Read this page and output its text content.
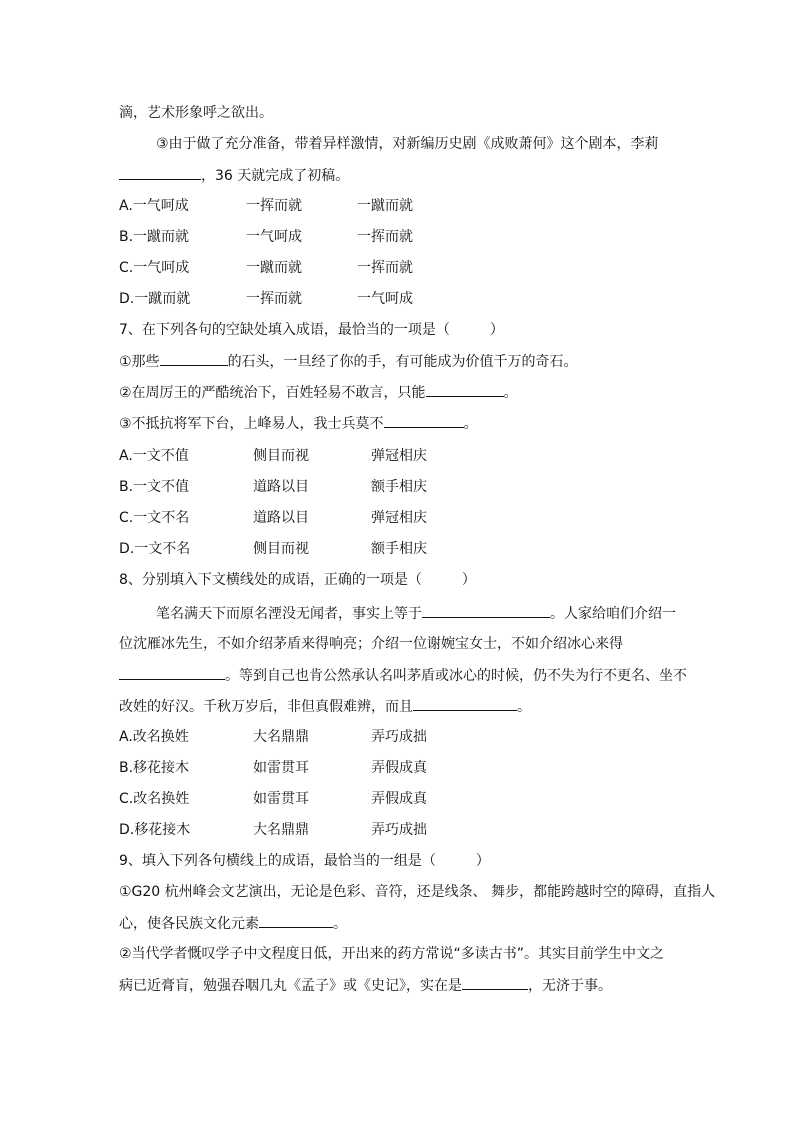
滴，艺术形象呼之欲出。
③由于做了充分准备，带着异样激情，对新编历史剧《成败萧何》这个剧本，李莉
，36 天就完成了初稿。
A.一气呵成	一挥而就	一蹴而就
B.一蹴而就	一气呵成	一挥而就
C.一气呵成	一蹴而就	一挥而就
D.一蹴而就	一挥而就	一气呵成
7、在下列各句的空缺处填入成语，最恰当的一项是（	）
①那些	的石头，一旦经了你的手，有可能成为价值千万的奇石。
②在周厉王的严酷统治下，百姓轻易不敢言，只能	。
③不抵抗将军下台，上峰易人，我士兵莫不	。
A.一文不值	侧目而视	弹冠相庆
B.一文不值	道路以目	额手相庆
C.一文不名	道路以目	弹冠相庆
D.一文不名	侧目而视	额手相庆
8、分别填入下文横线处的成语，正确的一项是（	）
笔名满天下而原名湮没无闻者，事实上等于	。人家给咱们介绍一
位沈雁冰先生，不如介绍茅盾来得响亮；介绍一位谢婉宝女士，不如介绍冰心来得
。等到自己也肯公然承认名叫茅盾或冰心的时候，仍不失为行不更名、坐不
改姓的好汉。千秋万岁后，非但真假难辨，而且	。
A.改名换姓	大名鼎鼎	弄巧成拙
B.移花接木	如雷贯耳	弄假成真
C.改名换姓	如雷贯耳	弄假成真
D.移花接木	大名鼎鼎	弄巧成拙
9、填入下列各句横线上的成语，最恰当的一组是（	）
①G20 杭州峰会文艺演出，无论是色彩、音符，还是线条、 舞步，都能跨越时空的障碍，直指人
心，使各民族文化元素	。
②当代学者慨叹学子中文程度日低，开出来的药方常说“多读古书”。其实目前学生中文之
病已近膏肓，勉强吞咽几丸《孟子》或《史记》，实在是	，无济于事。
